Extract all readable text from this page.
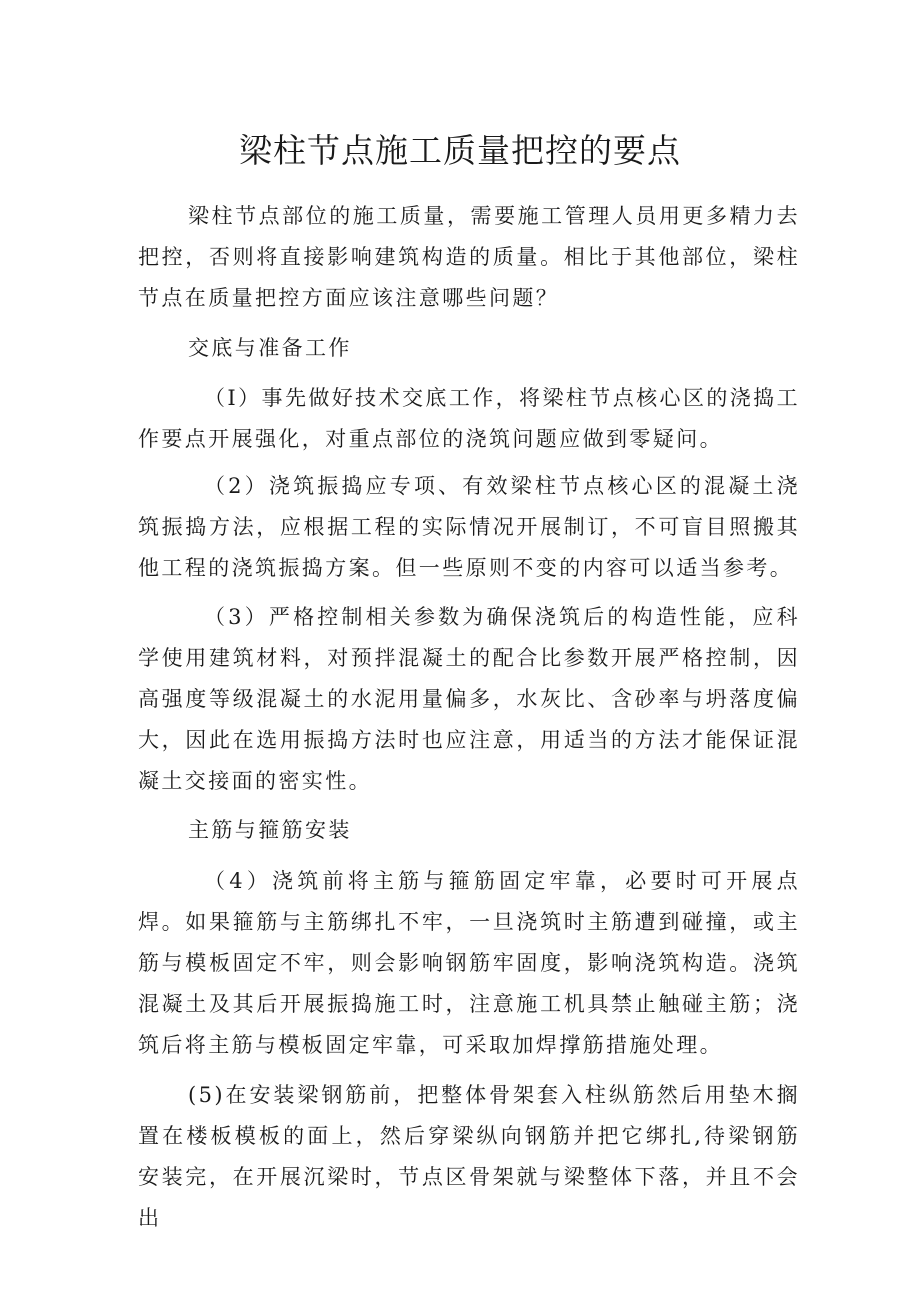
梁柱节点施工质量把控的要点

梁柱节点部位的施工质量，需要施工管理人员用更多精力去把控，否则将直接影响建筑构造的质量。相比于其他部位，梁柱节点在质量把控方面应该注意哪些问题？

交底与准备工作

（I）事先做好技术交底工作，将梁柱节点核心区的浇捣工作要点开展强化，对重点部位的浇筑问题应做到零疑问。

（2）浇筑振捣应专项、有效梁柱节点核心区的混凝土浇筑振捣方法，应根据工程的实际情况开展制订，不可盲目照搬其他工程的浇筑振捣方案。但一些原则不变的内容可以适当参考。

（3）严格控制相关参数为确保浇筑后的构造性能，应科学使用建筑材料，对预拌混凝土的配合比参数开展严格控制，因高强度等级混凝土的水泥用量偏多，水灰比、含砂率与坍落度偏大，因此在选用振捣方法时也应注意，用适当的方法才能保证混凝土交接面的密实性。

主筋与箍筋安装

（4）浇筑前将主筋与箍筋固定牢靠，必要时可开展点焊。如果箍筋与主筋绑扎不牢，一旦浇筑时主筋遭到碰撞，或主筋与模板固定不牢，则会影响钢筋牢固度，影响浇筑构造。浇筑混凝土及其后开展振捣施工时，注意施工机具禁止触碰主筋；浇筑后将主筋与模板固定牢靠，可采取加焊撑筋措施处理。

(5)在安装梁钢筋前，把整体骨架套入柱纵筋然后用垫木搁置在楼板模板的面上，然后穿梁纵向钢筋并把它绑扎,待梁钢筋安装完，在开展沉梁时，节点区骨架就与梁整体下落，并且不会出
